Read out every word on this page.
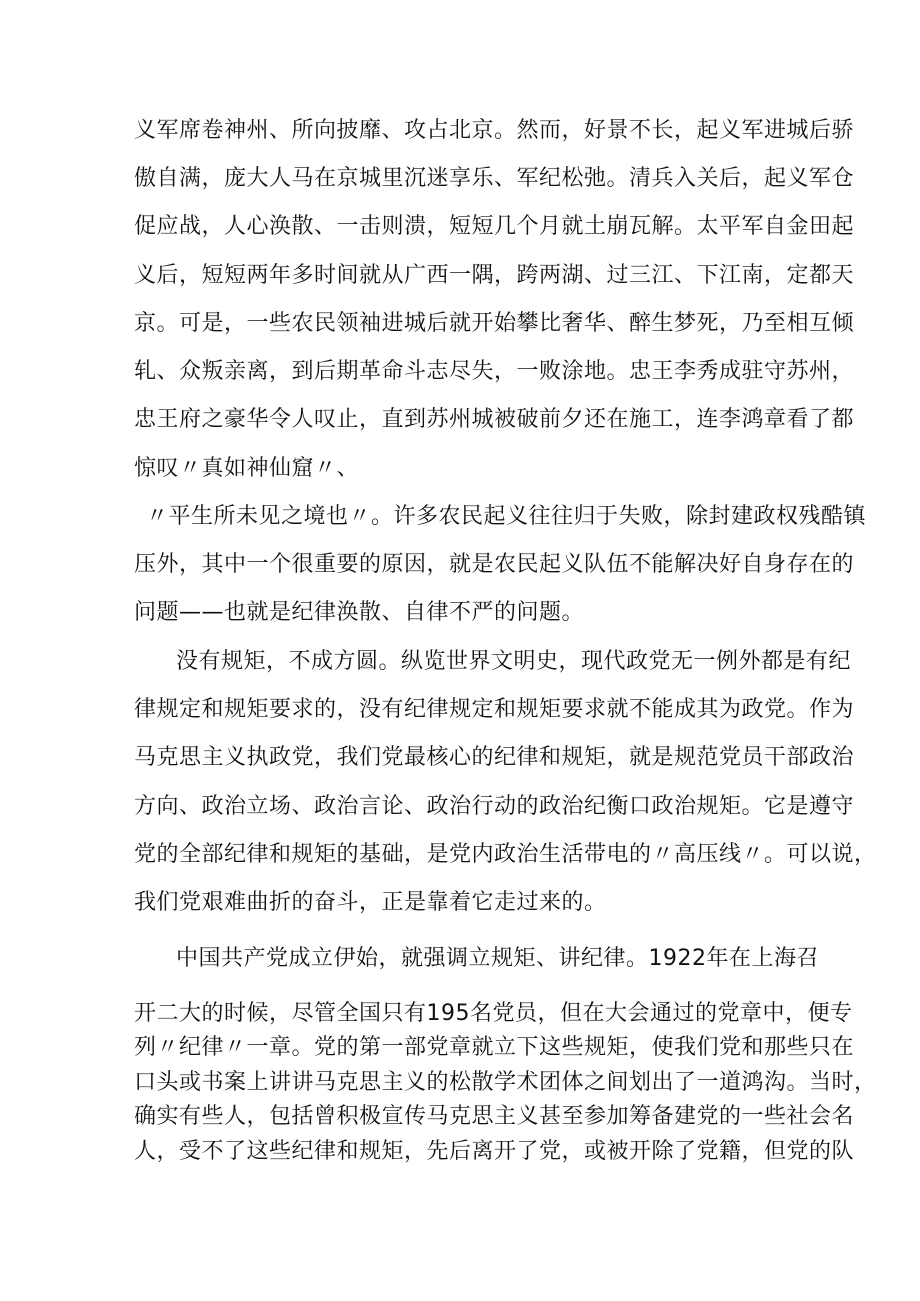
义军席卷神州、所向披靡、攻占北京。然而，好景不长，起义军进城后骄
傲自满，庞大人马在京城里沉迷享乐、军纪松弛。清兵入关后，起义军仓
促应战，人心涣散、一击则溃，短短几个月就土崩瓦解。太平军自金田起
义后，短短两年多时间就从广西一隅，跨两湖、过三江、下江南，定都天
京。可是，一些农民领袖进城后就开始攀比奢华、醉生梦死，乃至相互倾
轧、众叛亲离，到后期革命斗志尽失，一败涂地。忠王李秀成驻守苏州，
忠王府之豪华令人叹止，直到苏州城被破前夕还在施工，连李鸿章看了都
惊叹〃真如神仙窟〃、
〃平生所未见之境也〃。许多农民起义往往归于失败，除封建政权残酷镇
压外，其中一个很重要的原因，就是农民起义队伍不能解决好自身存在的
问题——也就是纪律涣散、自律不严的问题。
没有规矩，不成方圆。纵览世界文明史，现代政党无一例外都是有纪
律规定和规矩要求的，没有纪律规定和规矩要求就不能成其为政党。作为
马克思主义执政党，我们党最核心的纪律和规矩，就是规范党员干部政治
方向、政治立场、政治言论、政治行动的政治纪衡口政治规矩。它是遵守
党的全部纪律和规矩的基础，是党内政治生活带电的〃高压线〃。可以说，
我们党艰难曲折的奋斗，正是靠着它走过来的。
中国共产党成立伊始，就强调立规矩、讲纪律。1922年在上海召
开二大的时候，尽管全国只有195名党员，但在大会通过的党章中，便专
列〃纪律〃一章。党的第一部党章就立下这些规矩，使我们党和那些只在
口头或书案上讲讲马克思主义的松散学术团体之间划出了一道鸿沟。当时，
确实有些人，包括曾积极宣传马克思主义甚至参加筹备建党的一些社会名
人，受不了这些纪律和规矩，先后离开了党，或被开除了党籍，但党的队
